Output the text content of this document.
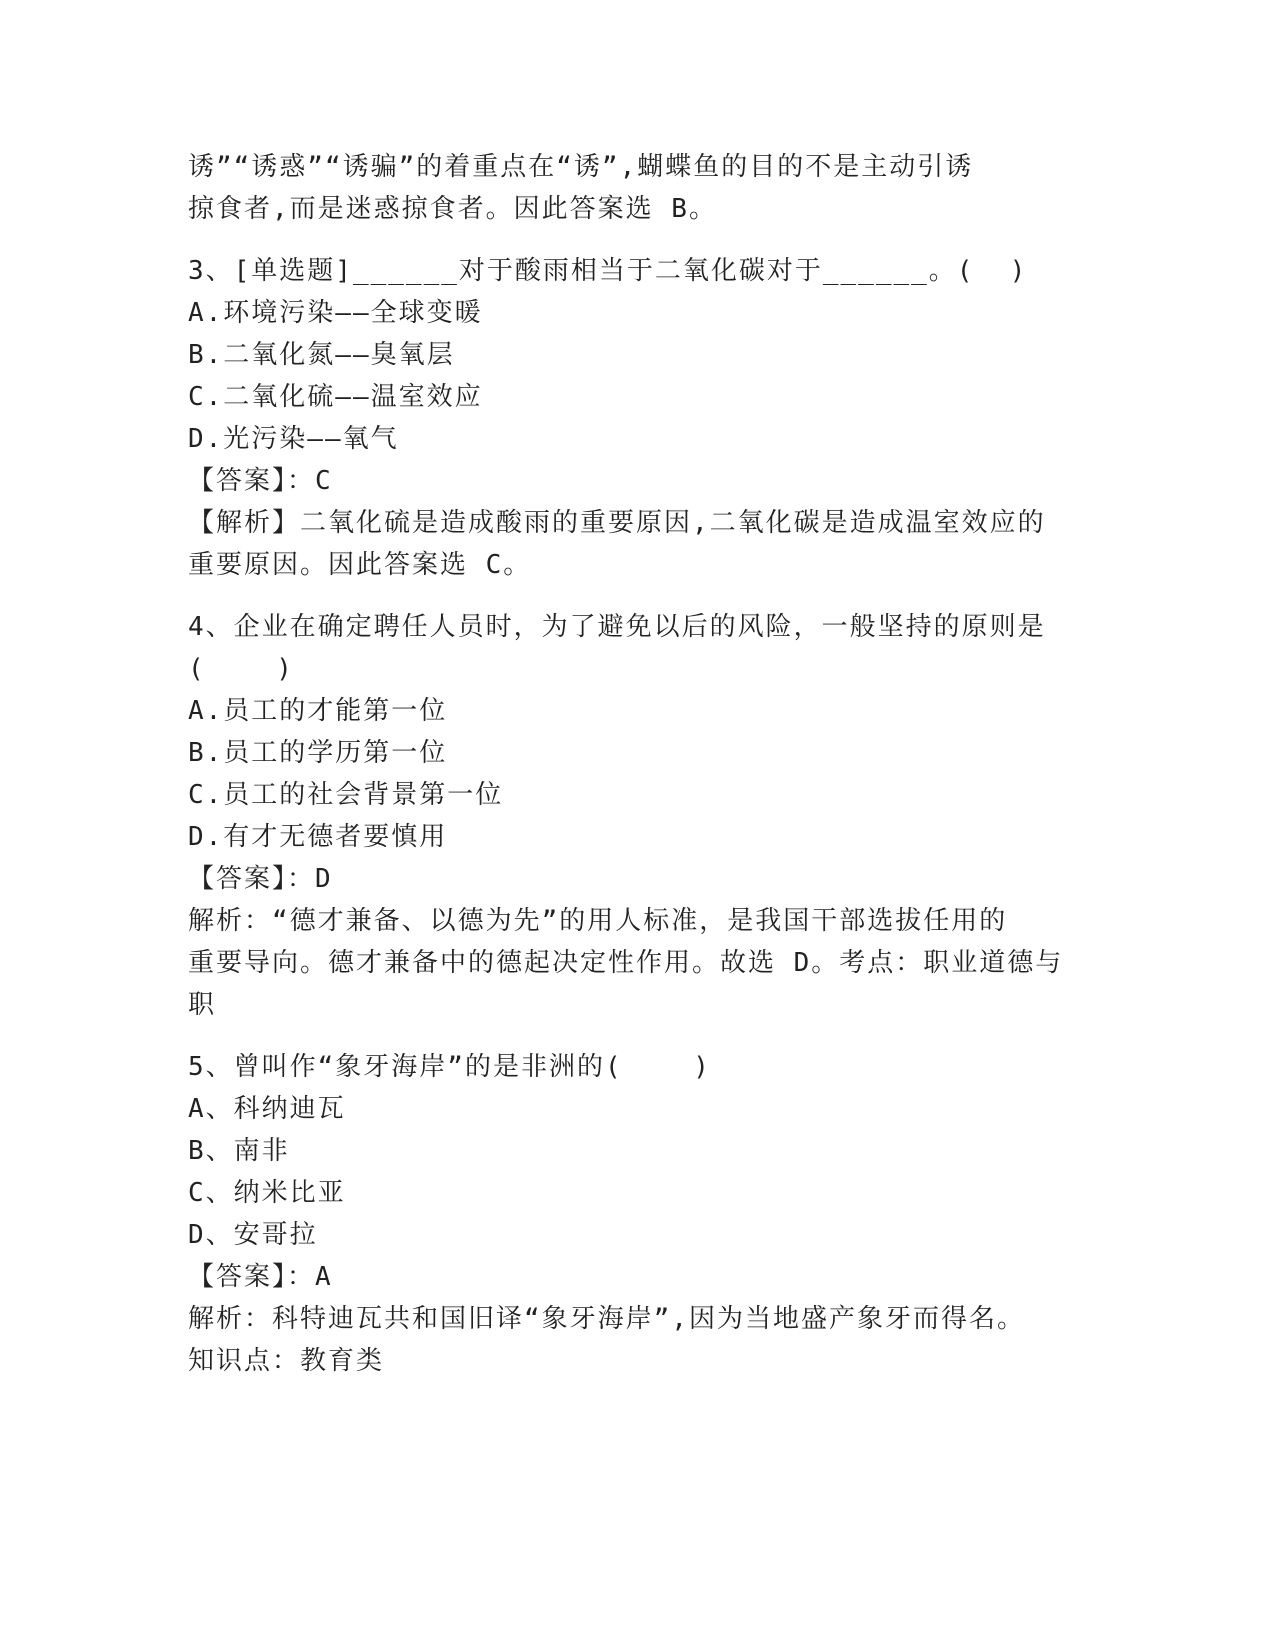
诱”“诱惑”“诱骗”的着重点在“诱”,蝴蝶鱼的目的不是主动引诱
掠食者,而是迷惑掠食者。因此答案选 B。
3、[单选题]______对于酸雨相当于二氧化碳对于______。(  )
A.环境污染——全球变暖
B.二氧化氮——臭氧层
C.二氧化硫——温室效应
D.光污染——氧气
【答案】：C
【解析】二氧化硫是造成酸雨的重要原因,二氧化碳是造成温室效应的
重要原因。因此答案选 C。
4、企业在确定聘任人员时，为了避免以后的风险，一般坚持的原则是
(    )
A.员工的才能第一位
B.员工的学历第一位
C.员工的社会背景第一位
D.有才无德者要慎用
【答案】：D
解析：“德才兼备、以德为先”的用人标准，是我国干部选拔任用的
重要导向。德才兼备中的德起决定性作用。故选 D。考点：职业道德与
职
5、曾叫作“象牙海岸”的是非洲的(    )
A、科纳迪瓦
B、南非
C、纳米比亚
D、安哥拉
【答案】：A
解析：科特迪瓦共和国旧译“象牙海岸”,因为当地盛产象牙而得名。
知识点：教育类
